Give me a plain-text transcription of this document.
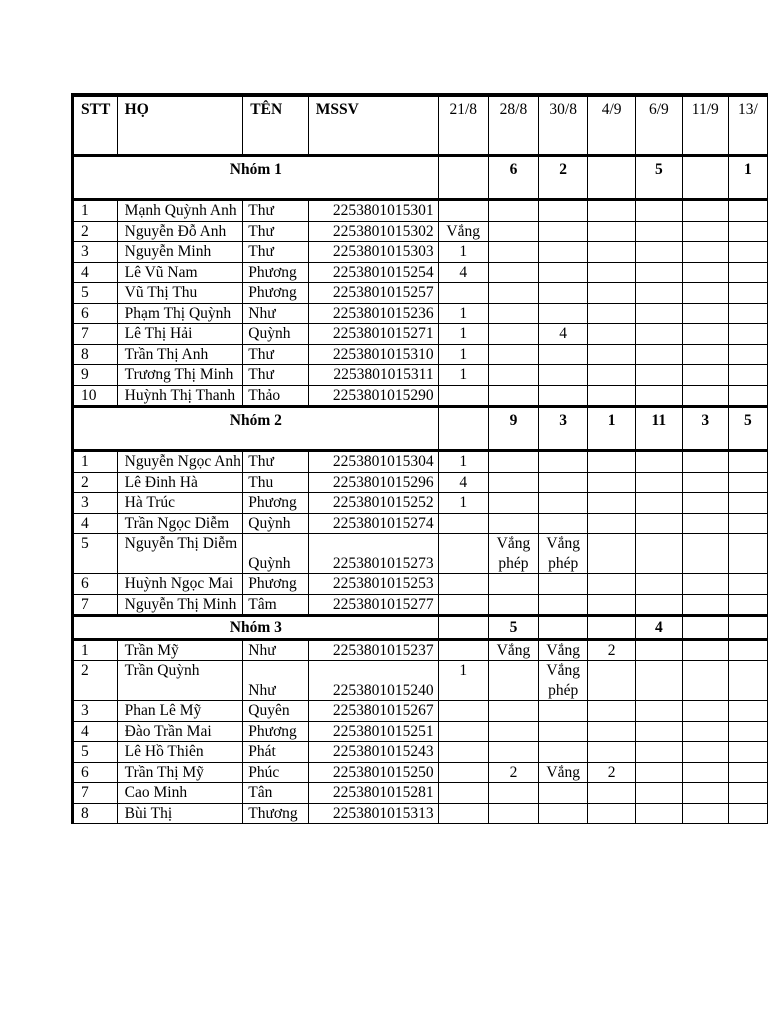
STT	HỌ	TÊN	MSSV	21/8	28/8	30/8	4/9	6/9	11/9	13/
Nhóm 1					6	2		5		1
1	Mạnh Quỳnh Anh	Thư	2253801015301							
2	Nguyễn Đỗ Anh	Thư	2253801015302	Vắng						
3	Nguyễn Minh	Thư	2253801015303	1						
4	Lê Vũ Nam	Phương	2253801015254	4						
5	Vũ Thị Thu	Phương	2253801015257							
6	Phạm Thị Quỳnh	Như	2253801015236	1						
7	Lê Thị Hải	Quỳnh	2253801015271	1		4				
8	Trần Thị Anh	Thư	2253801015310	1						
9	Trương Thị Minh	Thư	2253801015311	1						
10	Huỳnh Thị Thanh	Thảo	2253801015290							
Nhóm 2					9	3	1	11	3	5
1	Nguyễn Ngọc Anh	Thư	2253801015304	1						
2	Lê Đinh Hà	Thu	2253801015296	4						
3	Hà Trúc	Phương	2253801015252	1						
4	Trần Ngọc Diễm	Quỳnh	2253801015274							
5	Nguyễn Thị Diễm	Quỳnh	2253801015273		Vắng phép	Vắng phép				
6	Huỳnh Ngọc Mai	Phương	2253801015253							
7	Nguyễn Thị Minh	Tâm	2253801015277							
Nhóm 3					5			4		
1	Trần Mỹ	Như	2253801015237		Vắng	Vắng	2			
2	Trần Quỳnh	Như	2253801015240	1		Vắng phép				
3	Phan Lê Mỹ	Quyên	2253801015267							
4	Đào Trần Mai	Phương	2253801015251							
5	Lê Hồ Thiên	Phát	2253801015243							
6	Trần Thị Mỹ	Phúc	2253801015250		2	Vắng	2			
7	Cao Minh	Tân	2253801015281							
8	Bùi Thị	Thương	2253801015313							
